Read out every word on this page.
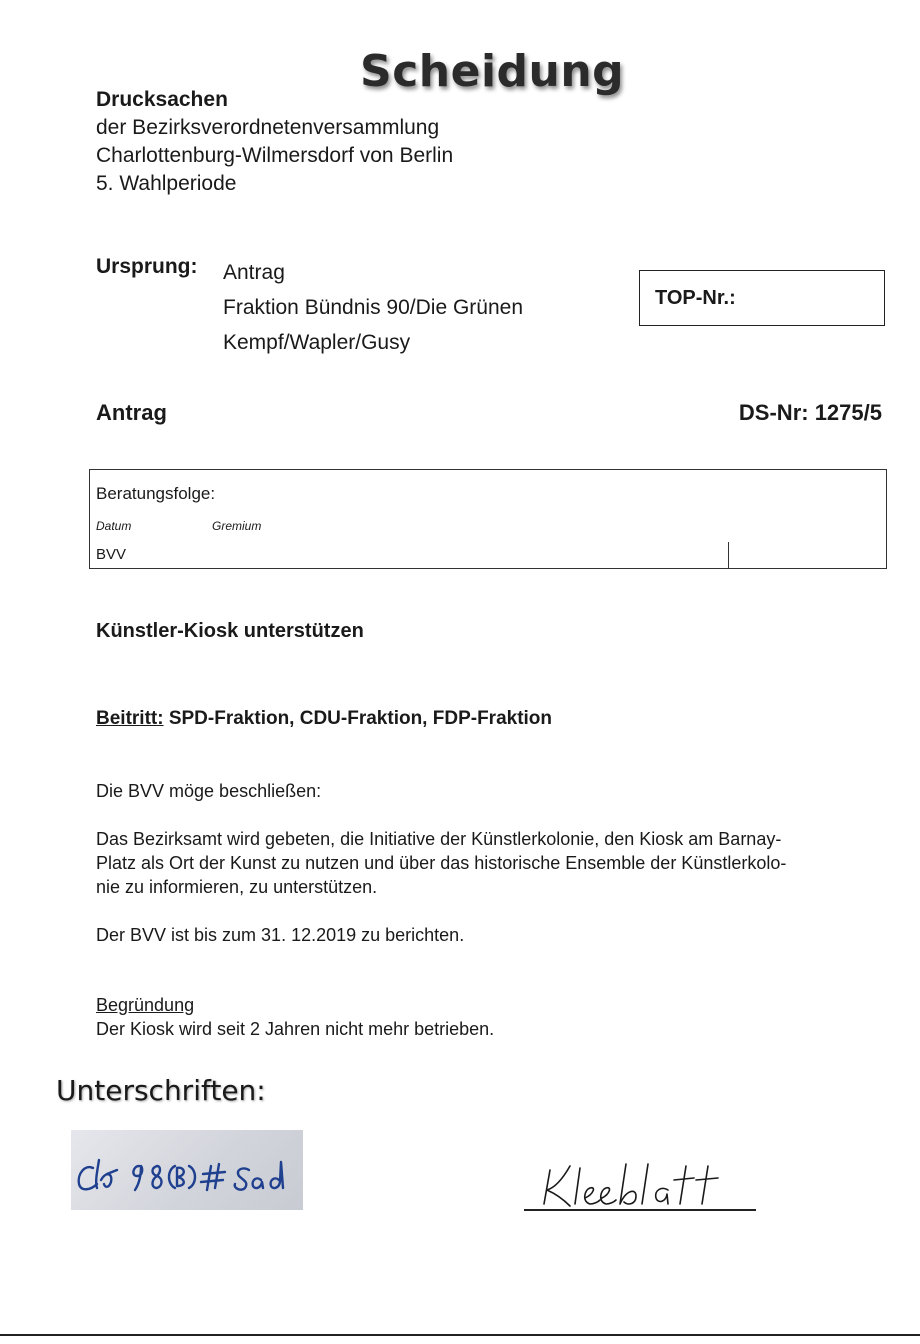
Scheidung
Drucksachen
der Bezirksverordnetenversammlung
Charlottenburg-Wilmersdorf von Berlin
5. Wahlperiode
Ursprung: Antrag
Fraktion Bündnis 90/Die Grünen
Kempf/Wapler/Gusy
TOP-Nr.:
Antrag	DS-Nr: 1275/5
Beratungsfolge:
Datum	Gremium
BVV
Künstler-Kiosk unterstützen
Beitritt: SPD-Fraktion, CDU-Fraktion, FDP-Fraktion
Die BVV möge beschließen:
Das Bezirksamt wird gebeten, die Initiative der Künstlerkolonie, den Kiosk am Barnay-
Platz als Ort der Kunst zu nutzen und über das historische Ensemble der Künstlerkolo-
nie zu informieren, zu unterstützen.
Der BVV ist bis zum 31. 12.2019 zu berichten.
Begründung
Der Kiosk wird seit 2 Jahren nicht mehr betrieben.
Unterschriften:
